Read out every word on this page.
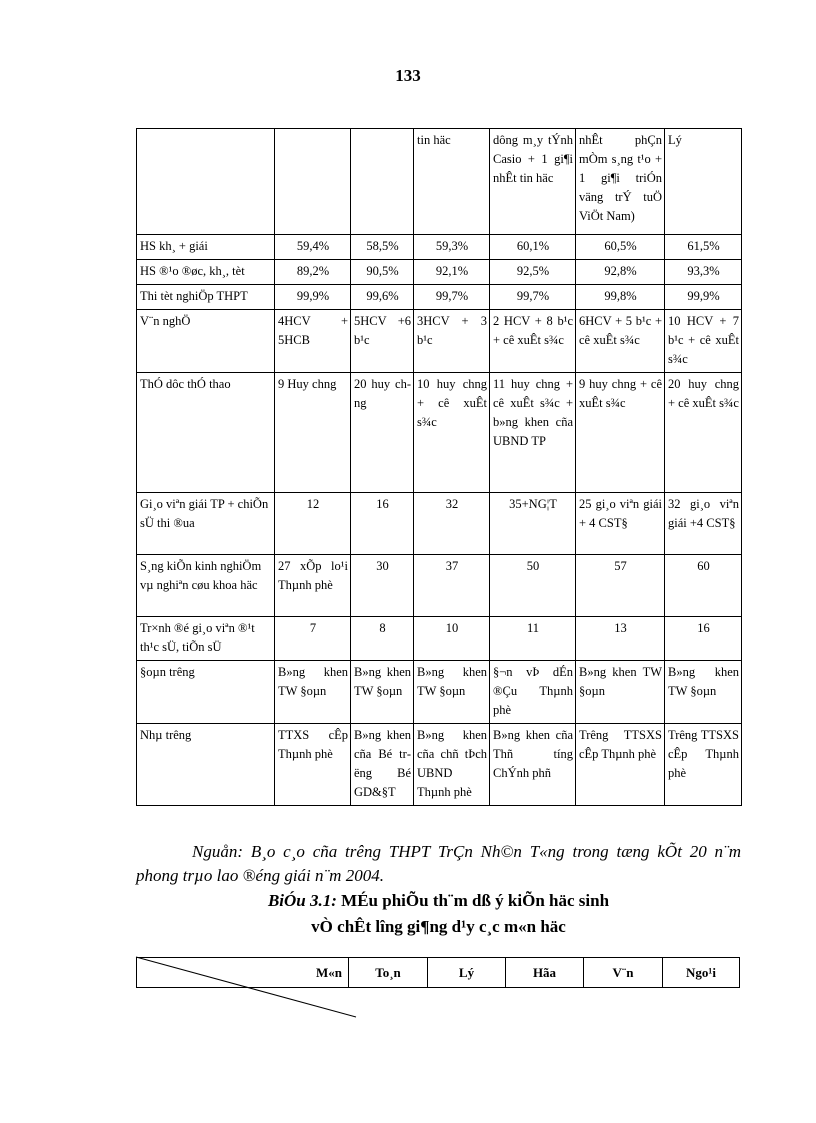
133
			tin häc	dông m¸y tÝnh Casio + 1 gi¶i nhÊt tin häc	nhÊt phÇn mÒm s¸ng t¹o + 1 gi¶i triÓn väng trÝ tuÖ ViÖt Nam)	Lý
HS kh¸ + giái	59,4%	58,5%	59,3%	60,1%	60,5%	61,5%
HS ®¹o ®øc, kh¸, tèt	89,2%	90,5%	92,1%	92,5%	92,8%	93,3%
Thi tèt nghiÖp THPT	99,9%	99,6%	99,7%	99,7%	99,8%	99,9%
V¨n nghÖ	4HCV + 5HCB	5HCV +6 b¹c	3HCV + 3 b¹c	2 HCV + 8 b¹c + cê xuÊt s¾c	6HCV + 5 b¹c + cê xuÊt s¾c	10 HCV + 7 b¹c + cê xuÊt s¾c
ThÓ dôc thÓ thao	9 Huy chng	20 huy chng	10 huy chng + cê xuÊt s¾c	11 huy chng + cê xuÊt s¾c + b»ng khen cña UBND TP	9 huy chng + cê xuÊt s¾c	20 huy chng + cê xuÊt s¾c
Gi¸o viªn giái TP + chiÕn sÜ thi ®ua	12	16	32	35+NG¦T	25 gi¸o viªn giái + 4 CST§	32 gi¸o viªn giái +4 CST§
S¸ng kiÕn kinh nghiÖm vµ nghiªn cøu khoa häc	27 xÕp lo¹i Thµnh phè	30	37	50	57	60
Tr×nh ®é gi¸o viªn ®¹t th¹c sÜ, tiÕn sÜ	7	8	10	11	13	16
§oµn trêng	B»ng khen TW §oµn	B»ng khen TW §oµn	B»ng khen TW §oµn	§¬n vÞ dÉn ®Çu Thµnh phè	B»ng khen TW §oµn	B»ng khen TW §oµn
Nhµ trêng	TTXS cÊp Thµnh phè	B»ng khen cña Bé trëng Bé GD&§T	B»ng khen cña chñ tÞch UBND Thµnh phè	B»ng khen cña Thñ tíng ChÝnh phñ	Trêng TTSXS cÊp Thµnh phè	Trêng TTSXS cÊp Thµnh phè
Nguån: B¸o c¸o cña trêng THPT TrÇn Nh©n T«ng trong tæng kÕt 20 n¨m phong trµo lao ®éng giái n¨m 2004.
BiÓu 3.1: MÉu phiÕu th¨m dß ý kiÕn häc sinh
vÒ chÊt lîng gi¶ng d¹y c¸c m«n häc
M«n	To¸n	Lý	Hãa	V¨n	Ngo¹i
